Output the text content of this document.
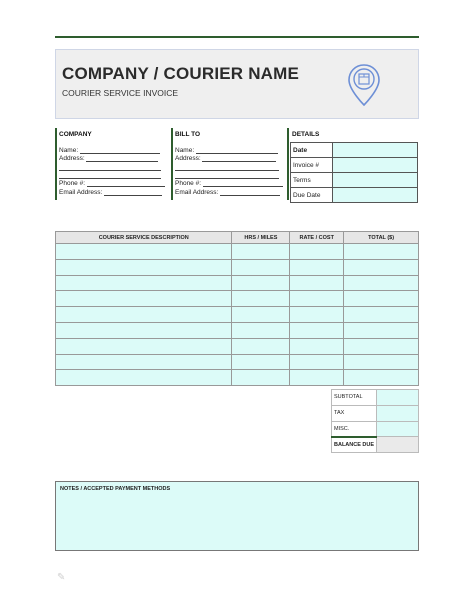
COMPANY / COURIER NAME
COURIER SERVICE INVOICE
COMPANY
Name:
Address:
Phone #:
Email Address:
BILL TO
Name:
Address:
Phone #:
Email Address:
DETAILS
Date	
Invoice #	
Terms	
Due Date	
COURIER SERVICE DESCRIPTION	HRS / MILES	RATE / COST	TOTAL ($)

SUBTOTAL	
TAX	
MISC.	
BALANCE DUE	
NOTES / ACCEPTED PAYMENT METHODS
✎
